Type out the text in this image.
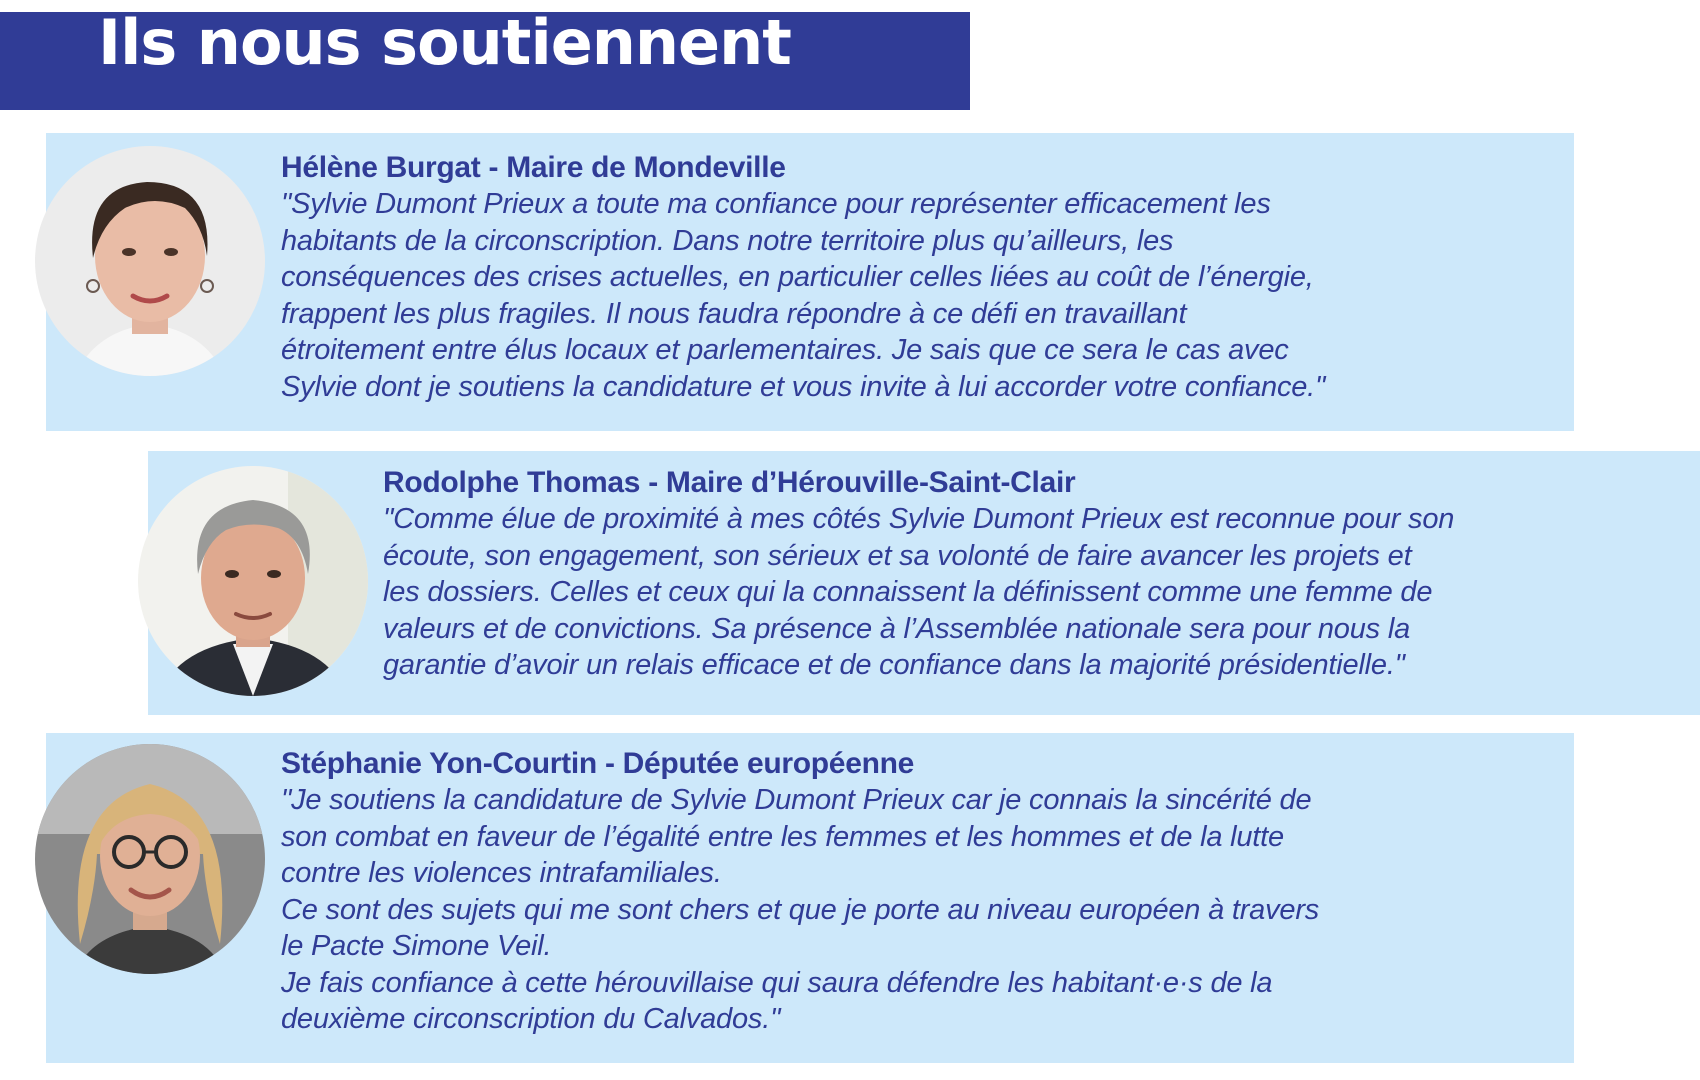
Ils nous soutiennent
Hélène Burgat - Maire de Mondeville
"Sylvie Dumont Prieux a toute ma confiance pour représenter efficacement les
habitants de la circonscription. Dans notre territoire plus qu’ailleurs, les
conséquences des crises actuelles, en particulier celles liées au coût de l’énergie,
frappent les plus fragiles. Il nous faudra répondre à ce défi en travaillant
étroitement entre élus locaux et parlementaires. Je sais que ce sera le cas avec
Sylvie dont je soutiens la candidature et vous invite à lui accorder votre confiance."
Rodolphe Thomas - Maire d’Hérouville-Saint-Clair
"Comme élue de proximité à mes côtés Sylvie Dumont Prieux est reconnue pour son
écoute, son engagement, son sérieux et sa volonté de faire avancer les projets et
les dossiers. Celles et ceux qui la connaissent la définissent comme une femme de
valeurs et de convictions. Sa présence à l’Assemblée nationale sera pour nous la
garantie d’avoir un relais efficace et de confiance dans la majorité présidentielle."
Stéphanie Yon-Courtin - Députée européenne
"Je soutiens la candidature de Sylvie Dumont Prieux car je connais la sincérité de
son combat en faveur de l’égalité entre les femmes et les hommes et de la lutte
contre les violences intrafamiliales.
Ce sont des sujets qui me sont chers et que je porte au niveau européen à travers
le Pacte Simone Veil.
Je fais confiance à cette hérouvillaise qui saura défendre les habitant·e·s de la
deuxième circonscription du Calvados."
